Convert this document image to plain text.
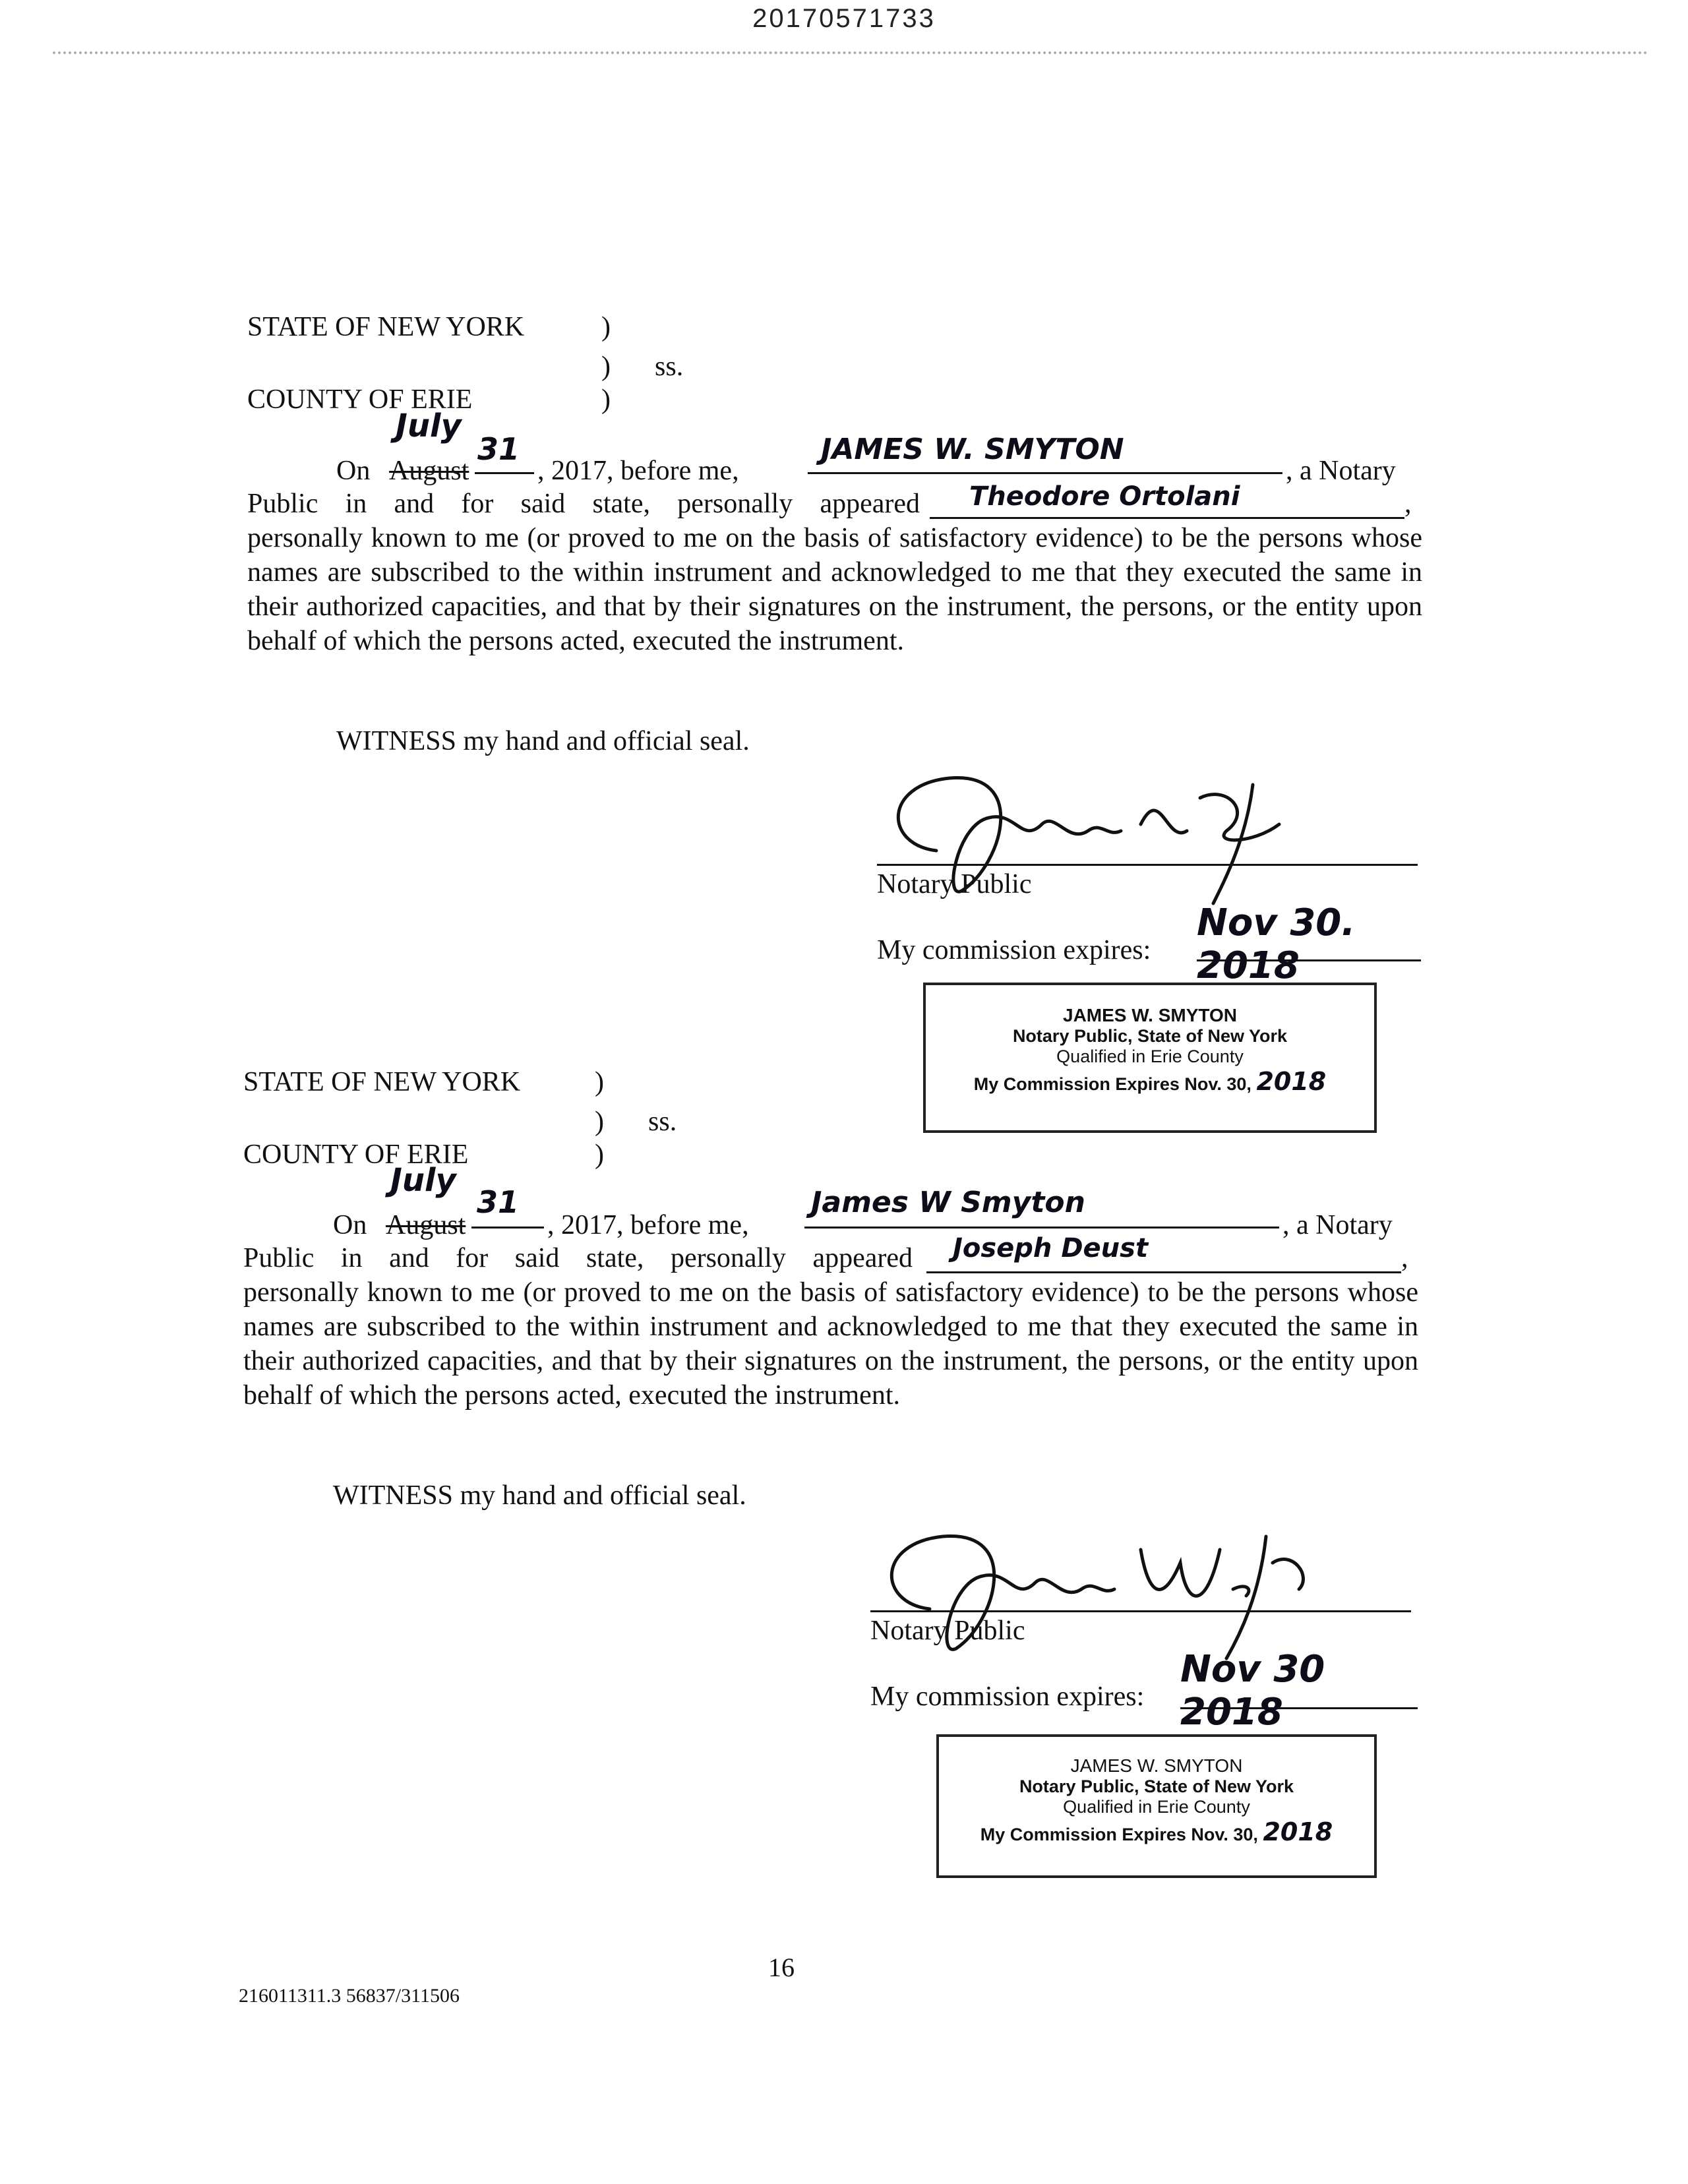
20170571733
STATE OF NEW YORK	)
) ss.
COUNTY OF ERIE	)
July
On August
31
, 2017, before me,
JAMES W. SMYTON
, a Notary
Public in and for said state, personally appeared Theodore Ortolani	,
personally known to me (or proved to me on the basis of satisfactory evidence) to be the persons whose names are subscribed to the within instrument and acknowledged to me that they executed the same in their authorized capacities, and that by their signatures on the instrument, the persons, or the entity upon behalf of which the persons acted, executed the instrument.
WITNESS my hand and official seal.
Notary Public
My commission expires:
Nov 30. 2018
JAMES W. SMYTON
Notary Public, State of New York
Qualified in Erie County
My Commission Expires Nov. 30, 2018
STATE OF NEW YORK	)
) ss.
COUNTY OF ERIE	)
July
On August
31
, 2017, before me,
James W Smyton
, a Notary
Public in and for said state, personally appeared Joseph Deust	,
personally known to me (or proved to me on the basis of satisfactory evidence) to be the persons whose names are subscribed to the within instrument and acknowledged to me that they executed the same in their authorized capacities, and that by their signatures on the instrument, the persons, or the entity upon behalf of which the persons acted, executed the instrument.
WITNESS my hand and official seal.
Notary Public
My commission expires:
Nov 30 2018
JAMES W. SMYTON
Notary Public, State of New York
Qualified in Erie County
My Commission Expires Nov. 30, 2018
16
216011311.3 56837/311506
